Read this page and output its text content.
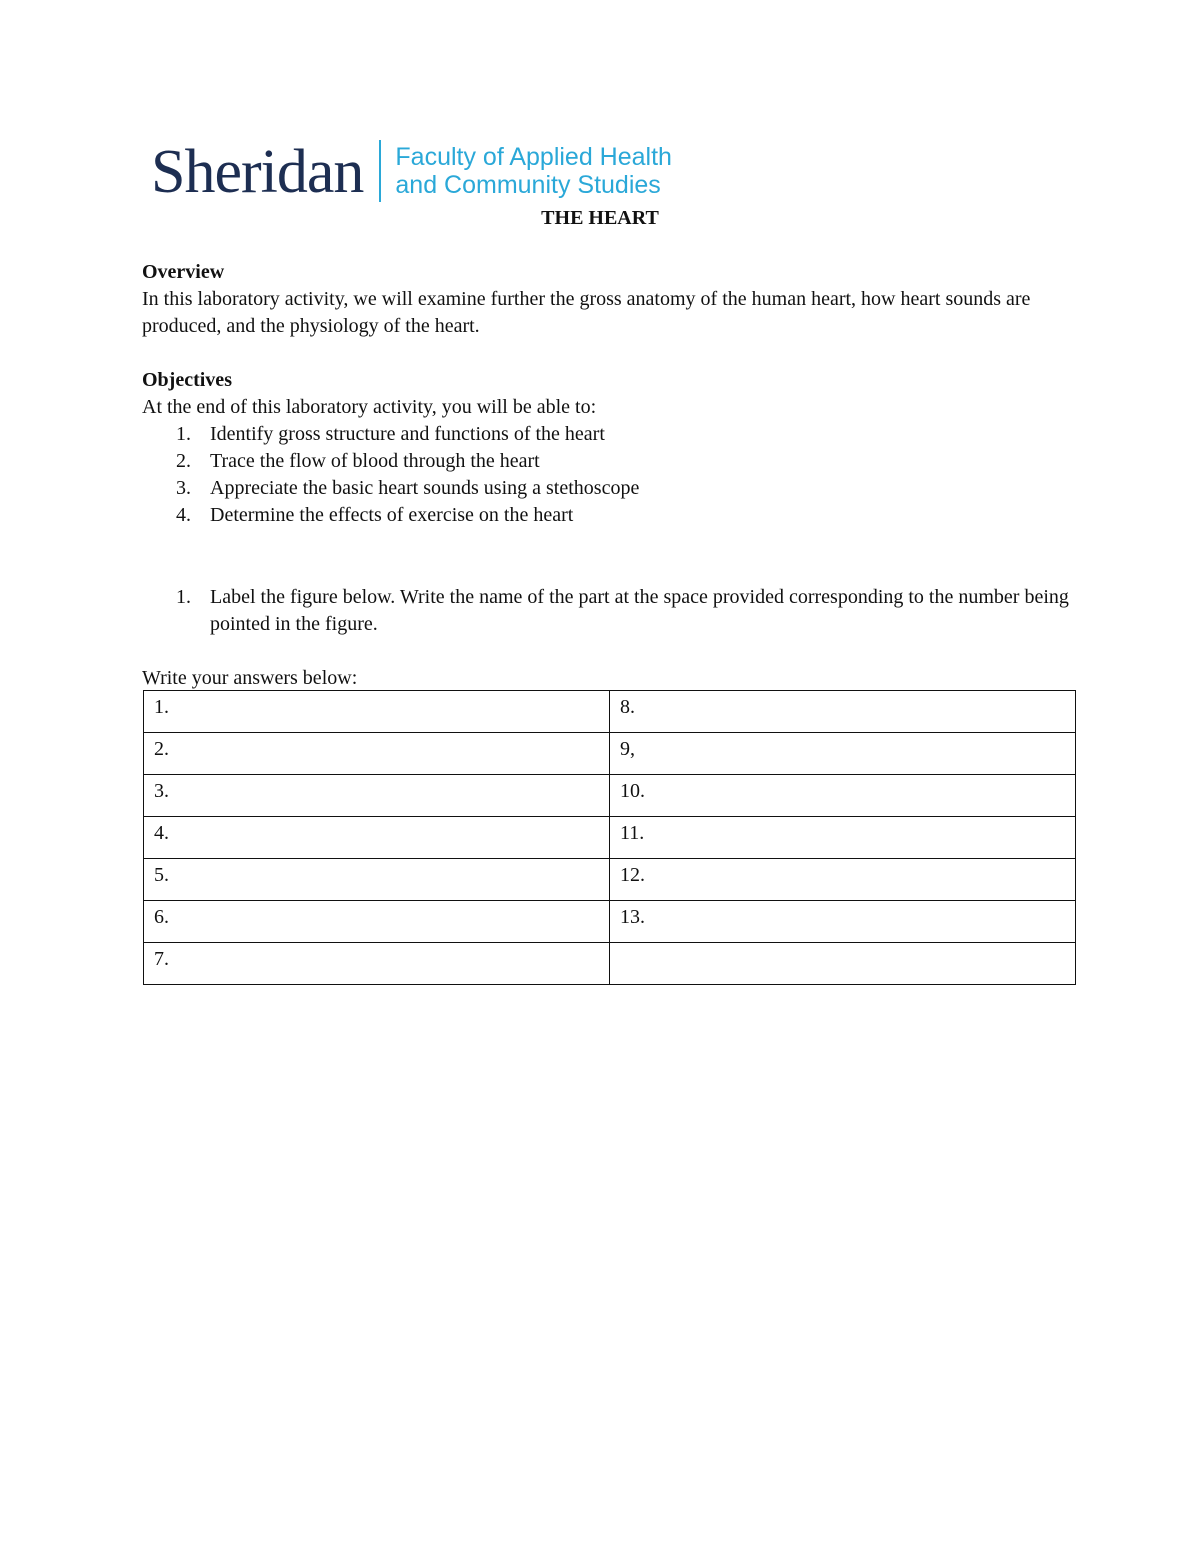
Sheridan Faculty of Applied Health
and Community Studies
THE HEART
Overview
In this laboratory activity, we will examine further the gross anatomy of the human heart, how heart sounds are produced, and the physiology of the heart.
Objectives
At the end of this laboratory activity, you will be able to:
1. Identify gross structure and functions of the heart
2. Trace the flow of blood through the heart
3. Appreciate the basic heart sounds using a stethoscope
4. Determine the effects of exercise on the heart
1. Label the figure below. Write the name of the part at the space provided corresponding to the number being pointed in the figure.
Write your answers below:
1.	8.
2.	9,
3.	10.
4.	11.
5.	12.
6.	13.
7.	
